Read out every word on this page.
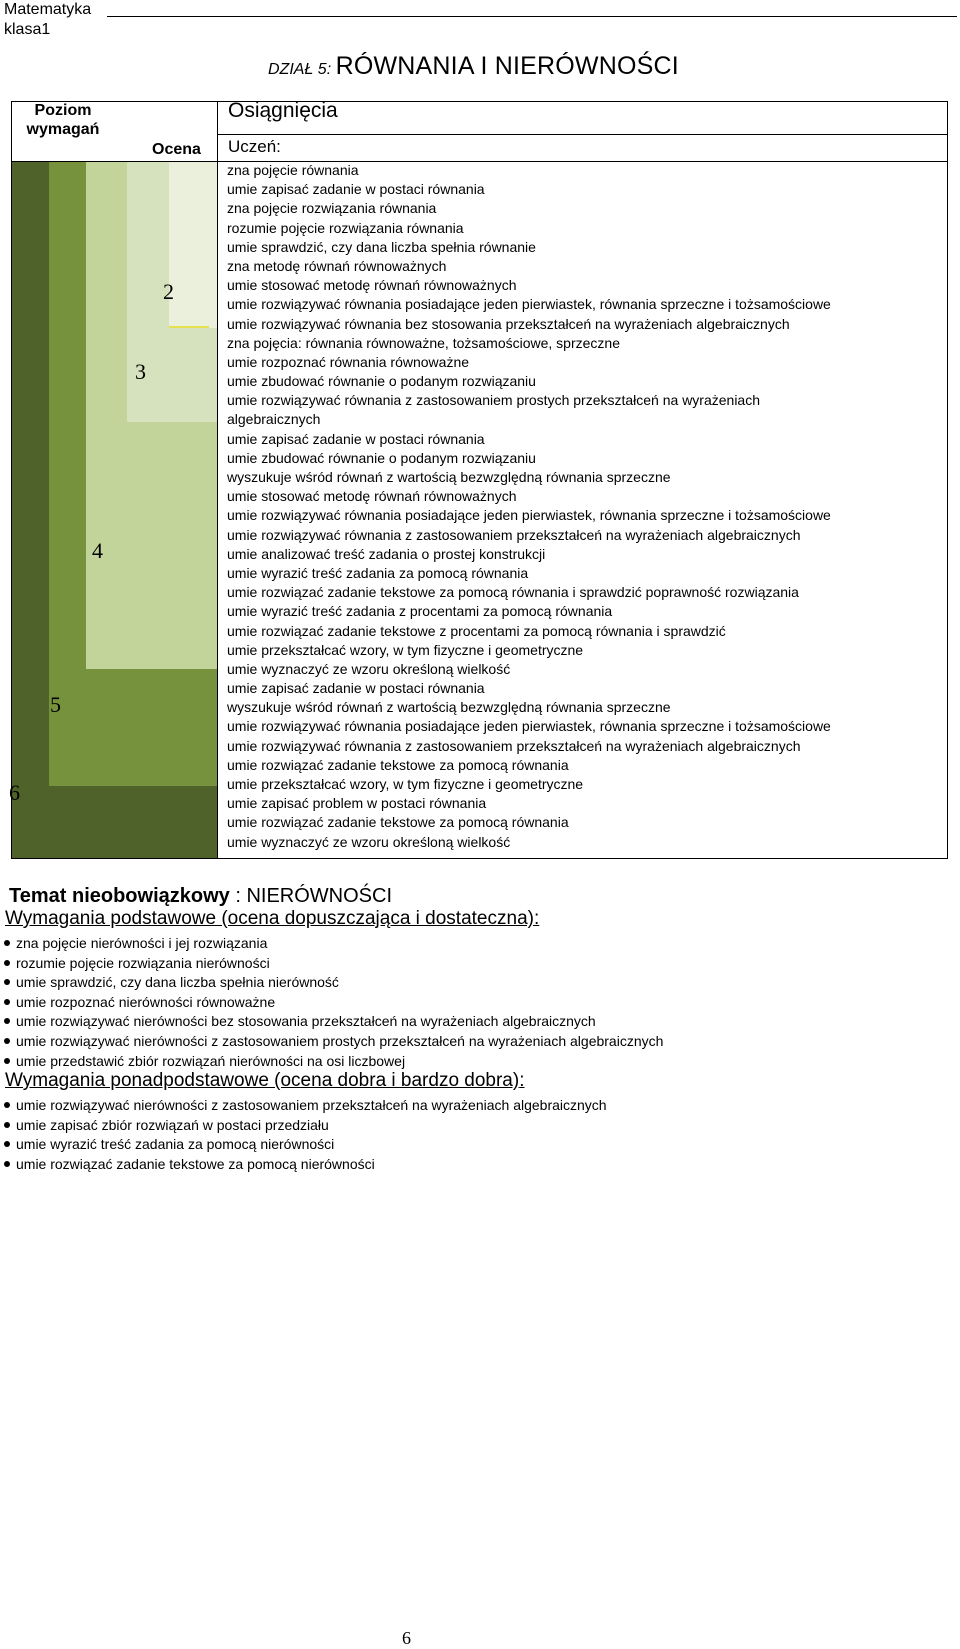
Matematyka
klasa1
DZIAŁ 5: RÓWNANIA I NIERÓWNOŚCI
2
3
4
5
6
Poziom wymagań
Ocena
Osiągnięcia
Uczeń:
zna pojęcie równania
umie zapisać zadanie w postaci równania
zna pojęcie rozwiązania równania
rozumie pojęcie rozwiązania równania
umie sprawdzić, czy dana liczba spełnia równanie
zna metodę równań równoważnych
umie stosować metodę równań równoważnych
umie rozwiązywać równania posiadające jeden pierwiastek, równania sprzeczne i tożsamościowe
umie rozwiązywać równania bez stosowania przekształceń na wyrażeniach algebraicznych
zna pojęcia: równania równoważne, tożsamościowe, sprzeczne
umie rozpoznać równania równoważne
umie zbudować równanie o podanym rozwiązaniu
umie rozwiązywać równania z zastosowaniem prostych przekształceń na wyrażeniach algebraicznych
umie zapisać zadanie w postaci równania
umie zbudować równanie o podanym rozwiązaniu
wyszukuje wśród równań z wartością bezwzględną równania sprzeczne
umie stosować metodę równań równoważnych
umie rozwiązywać równania posiadające jeden pierwiastek, równania sprzeczne i tożsamościowe
umie rozwiązywać równania z zastosowaniem przekształceń na wyrażeniach algebraicznych
umie analizować treść zadania o prostej konstrukcji
umie wyrazić treść zadania za pomocą równania
umie rozwiązać zadanie tekstowe za pomocą równania i sprawdzić poprawność rozwiązania
umie wyrazić treść zadania z procentami za pomocą równania
umie rozwiązać zadanie tekstowe z procentami za pomocą równania i sprawdzić
umie przekształcać wzory, w tym fizyczne i geometryczne
umie wyznaczyć ze wzoru określoną wielkość
umie zapisać zadanie w postaci równania
wyszukuje wśród równań z wartością bezwzględną równania sprzeczne
umie rozwiązywać równania posiadające jeden pierwiastek, równania sprzeczne i tożsamościowe
umie rozwiązywać równania z zastosowaniem przekształceń na wyrażeniach algebraicznych
umie rozwiązać zadanie tekstowe za pomocą równania
umie przekształcać wzory, w tym fizyczne i geometryczne
umie zapisać problem w postaci równania
umie rozwiązać zadanie tekstowe za pomocą równania
umie wyznaczyć ze wzoru określoną wielkość
Temat nieobowiązkowy : NIERÓWNOŚCI
Wymagania podstawowe (ocena dopuszczająca i dostateczna):
zna pojęcie nierówności i jej rozwiązania
rozumie pojęcie rozwiązania nierówności
umie sprawdzić, czy dana liczba spełnia nierówność
umie rozpoznać nierówności równoważne
umie rozwiązywać nierówności bez stosowania przekształceń na wyrażeniach algebraicznych
umie rozwiązywać nierówności z zastosowaniem prostych przekształceń na wyrażeniach algebraicznych
umie przedstawić zbiór rozwiązań nierówności na osi liczbowej
Wymagania ponadpodstawowe (ocena dobra i bardzo dobra):
umie rozwiązywać nierówności z zastosowaniem przekształceń na wyrażeniach algebraicznych
umie zapisać zbiór rozwiązań w postaci przedziału
umie wyrazić treść zadania za pomocą nierówności
umie rozwiązać zadanie tekstowe za pomocą nierówności
6
